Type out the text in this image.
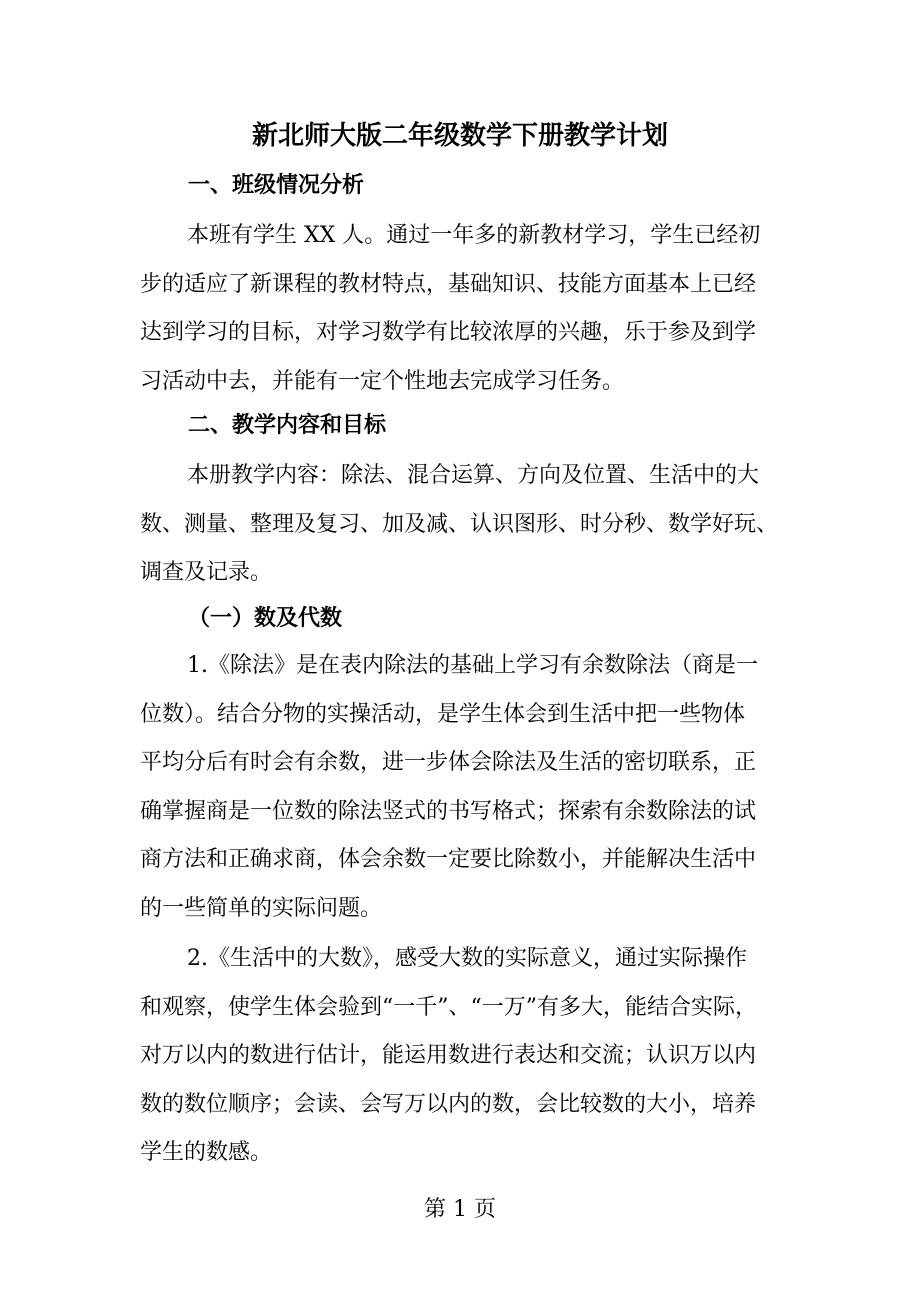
新北师大版二年级数学下册教学计划
一、班级情况分析
本班有学生 XX 人。通过一年多的新教材学习，学生已经初
步的适应了新课程的教材特点，基础知识、技能方面基本上已经
达到学习的目标，对学习数学有比较浓厚的兴趣，乐于参及到学
习活动中去，并能有一定个性地去完成学习任务。
二、教学内容和目标
本册教学内容：除法、混合运算、方向及位置、生活中的大
数、测量、整理及复习、加及减、认识图形、时分秒、数学好玩、
调查及记录。
（一）数及代数
1.《除法》是在表内除法的基础上学习有余数除法（商是一
位数）。结合分物的实操活动，是学生体会到生活中把一些物体
平均分后有时会有余数，进一步体会除法及生活的密切联系，正
确掌握商是一位数的除法竖式的书写格式；探索有余数除法的试
商方法和正确求商，体会余数一定要比除数小，并能解决生活中
的一些简单的实际问题。
2.《生活中的大数》，感受大数的实际意义，通过实际操作
和观察，使学生体会验到“一千”、“一万”有多大，能结合实际，
对万以内的数进行估计，能运用数进行表达和交流；认识万以内
数的数位顺序；会读、会写万以内的数，会比较数的大小，培养
学生的数感。
第 1 页
